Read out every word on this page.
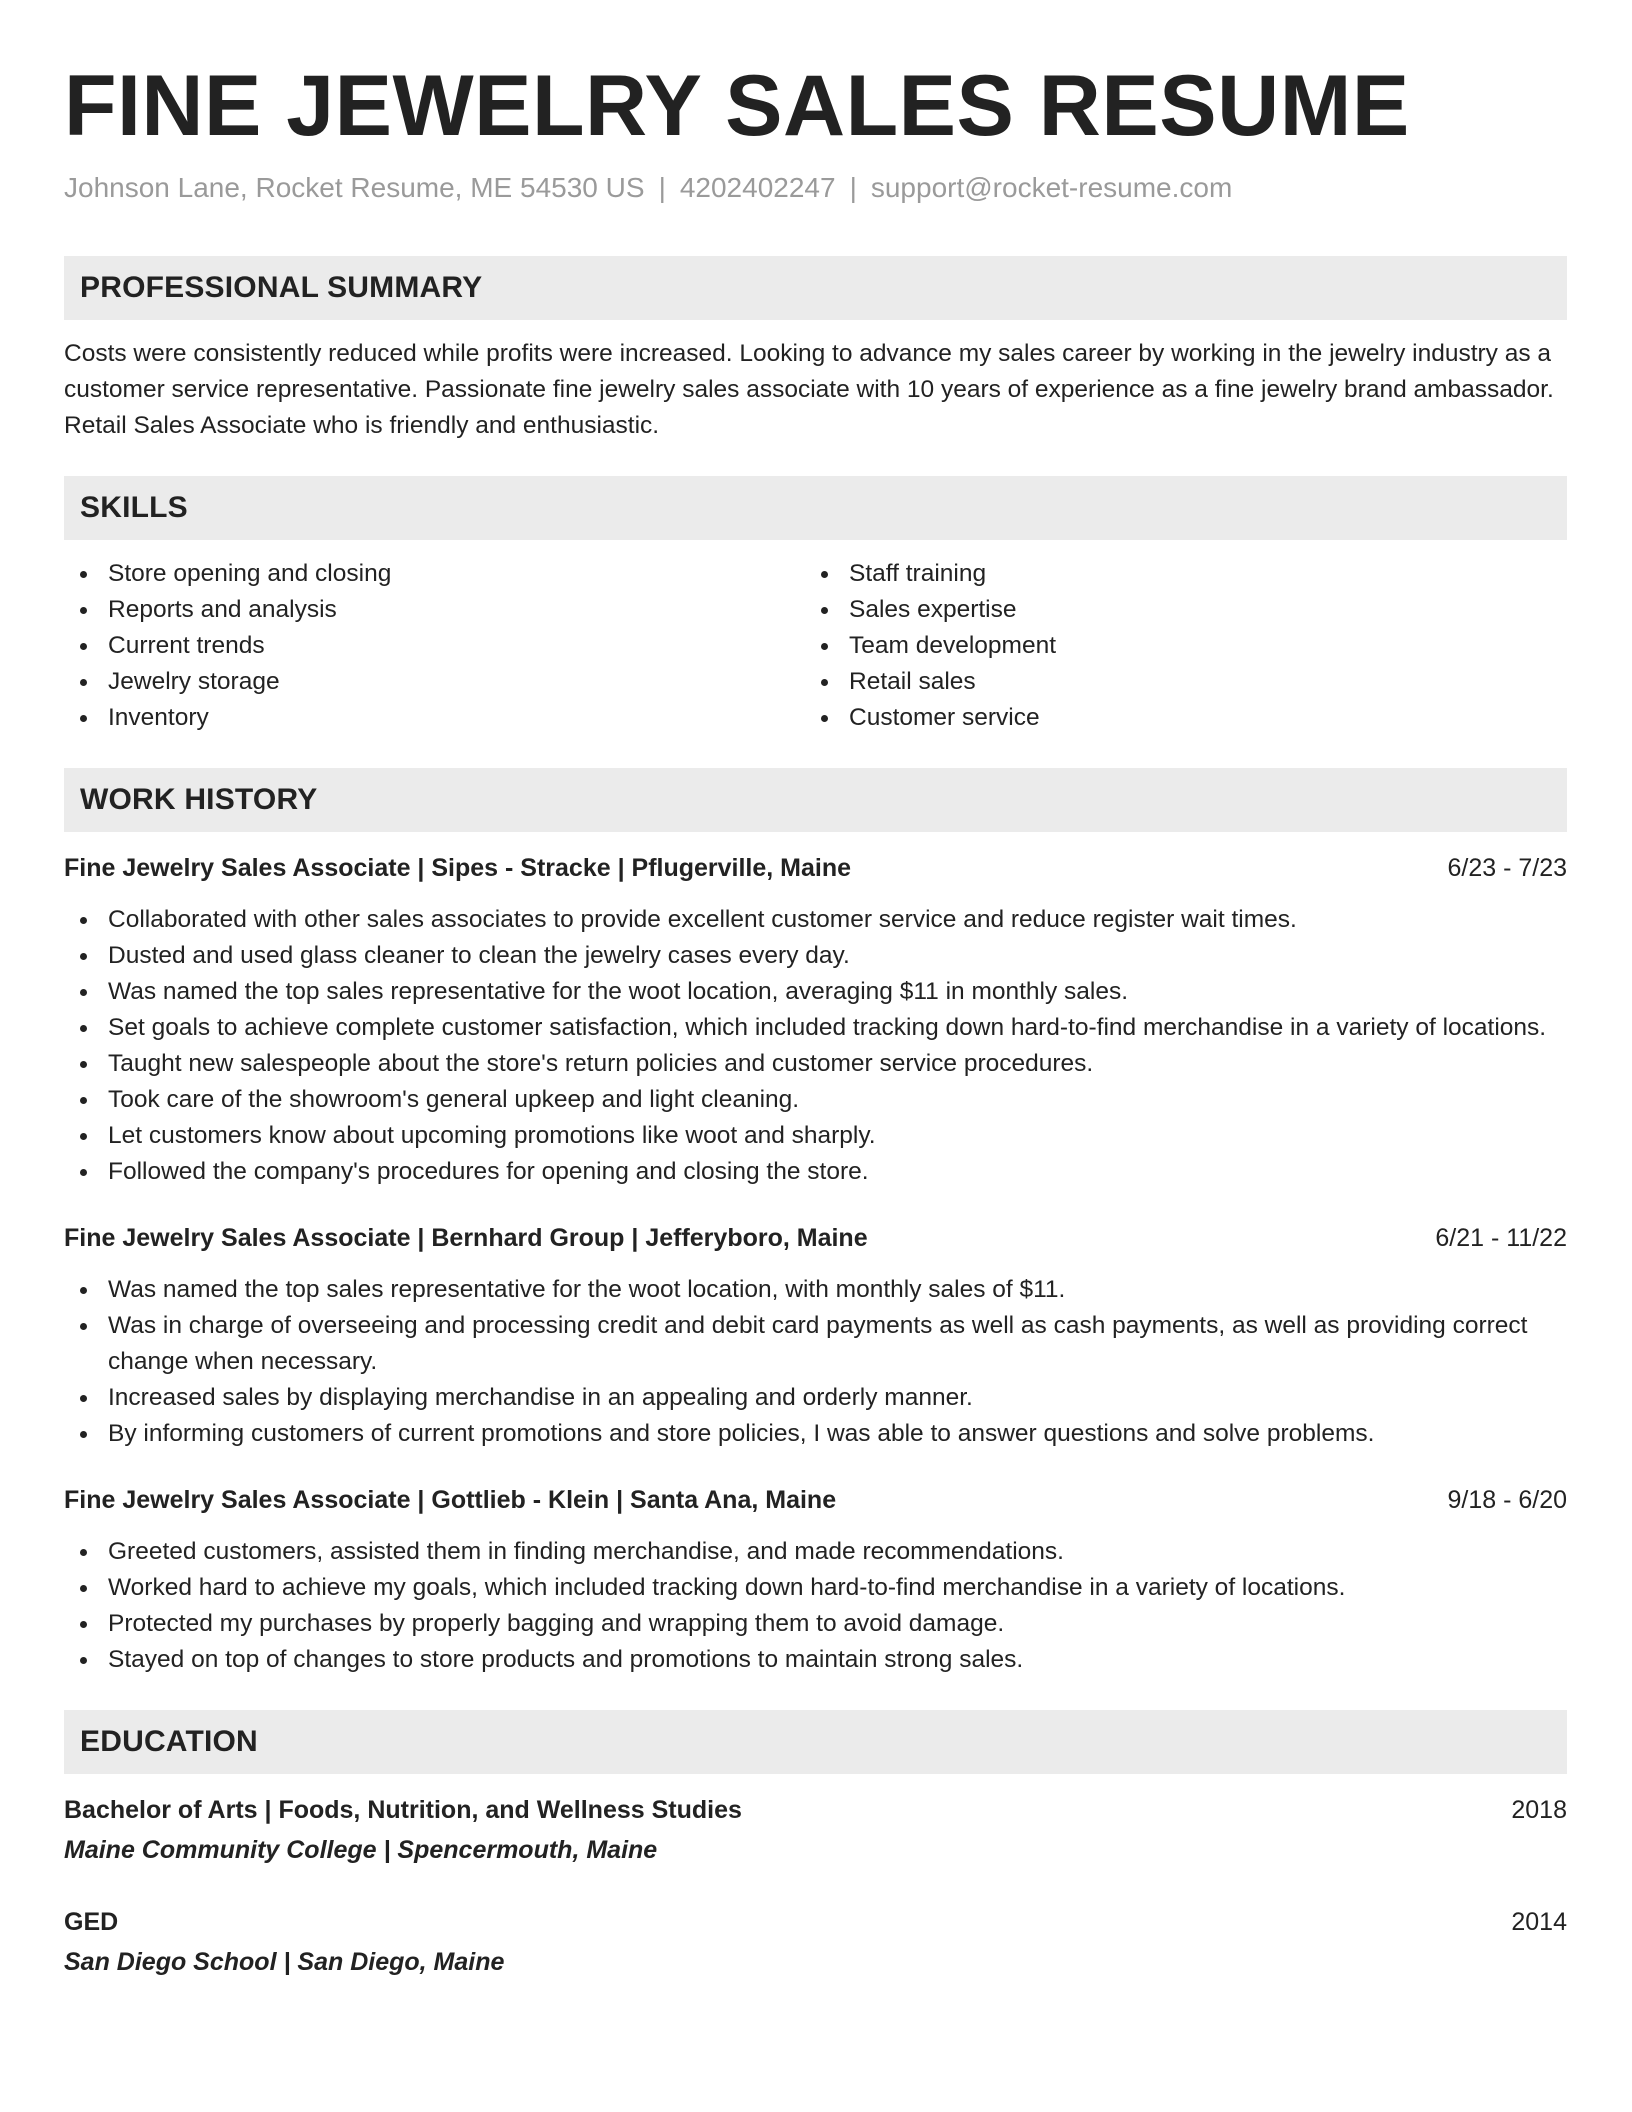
FINE JEWELRY SALES RESUME
Johnson Lane, Rocket Resume, ME 54530 US | 4202402247 | support@rocket-resume.com
PROFESSIONAL SUMMARY

Costs were consistently reduced while profits were increased. Looking to advance my sales career by working in the jewelry industry as a customer service representative. Passionate fine jewelry sales associate with 10 years of experience as a fine jewelry brand ambassador. Retail Sales Associate who is friendly and enthusiastic.

SKILLS
Store opening and closing
Reports and analysis
Current trends
Jewelry storage
Inventory
Staff training
Sales expertise
Team development
Retail sales
Customer service
WORK HISTORY
Fine Jewelry Sales Associate | Sipes - Stracke | Pflugerville, Maine	6/23 - 7/23
Collaborated with other sales associates to provide excellent customer service and reduce register wait times.
Dusted and used glass cleaner to clean the jewelry cases every day.
Was named the top sales representative for the woot location, averaging $11 in monthly sales.
Set goals to achieve complete customer satisfaction, which included tracking down hard-to-find merchandise in a variety of locations.
Taught new salespeople about the store's return policies and customer service procedures.
Took care of the showroom's general upkeep and light cleaning.
Let customers know about upcoming promotions like woot and sharply.
Followed the company's procedures for opening and closing the store.
Fine Jewelry Sales Associate | Bernhard Group | Jefferyboro, Maine	6/21 - 11/22
Was named the top sales representative for the woot location, with monthly sales of $11.
Was in charge of overseeing and processing credit and debit card payments as well as cash payments, as well as providing correct change when necessary.
Increased sales by displaying merchandise in an appealing and orderly manner.
By informing customers of current promotions and store policies, I was able to answer questions and solve problems.
Fine Jewelry Sales Associate | Gottlieb - Klein | Santa Ana, Maine	9/18 - 6/20
Greeted customers, assisted them in finding merchandise, and made recommendations.
Worked hard to achieve my goals, which included tracking down hard-to-find merchandise in a variety of locations.
Protected my purchases by properly bagging and wrapping them to avoid damage.
Stayed on top of changes to store products and promotions to maintain strong sales.
EDUCATION
Bachelor of Arts | Foods, Nutrition, and Wellness Studies	2018
Maine Community College | Spencermouth, Maine
GED	2014
San Diego School | San Diego, Maine
